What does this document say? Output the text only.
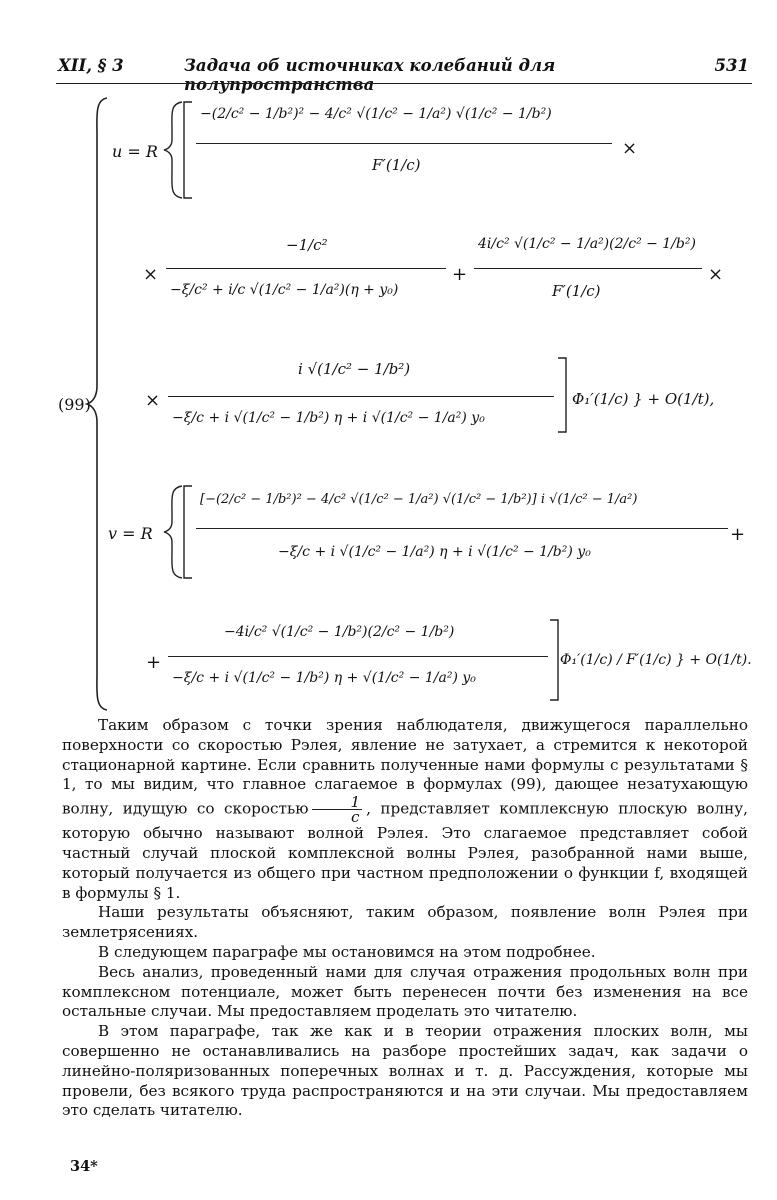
XII, § 3	Задача об источниках колебаний для полупространства
531
(99)
u = R
−(2/c² − 1/b²)² − 4/c² √(1/c² − 1/a²) √(1/c² − 1/b²)
F′(1/c)
×
×
−1/c²
−ξ/c² + i/c √(1/c² − 1/a²)(η + y₀)
+
4i/c² √(1/c² − 1/a²)(2/c² − 1/b²)
F′(1/c)
×
×
i √(1/c² − 1/b²)
−ξ/c + i √(1/c² − 1/b²) η + i √(1/c² − 1/a²) y₀
Φ₁′(1/c) } + O(1/t),
v = R
[−(2/c² − 1/b²)² − 4/c² √(1/c² − 1/a²) √(1/c² − 1/b²)] i √(1/c² − 1/a²)
−ξ/c + i √(1/c² − 1/a²) η + i √(1/c² − 1/b²) y₀
+
+
−4i/c² √(1/c² − 1/b²)(2/c² − 1/b²)
−ξ/c + i √(1/c² − 1/b²) η + √(1/c² − 1/a²) y₀
Φ₁′(1/c) / F′(1/c) } + O(1/t).

Таким образом с точки зрения наблюдателя, движущегося параллельно поверхности со скоростью Рэлея, явление не затухает, а стремится к некоторой стационарной картине. Если сравнить полученные нами формулы с результатами § 1, то мы видим, что главное слагаемое в формулах (99), дающее незатухающую волну, идущую со скоростью $\frac{1}{c}$ , представляет комплексную плоскую волну, которую обычно называют волной Рэлея. Это слагаемое представляет собой частный случай плоской комплексной волны Рэлея, разобранной нами выше, который получается из общего при частном предположении о функции f, входящей в формулы § 1.

Наши результаты объясняют, таким образом, появление волн Рэлея при землетрясениях.

В следующем параграфе мы остановимся на этом подробнее.

Весь анализ, проведенный нами для случая отражения продольных волн при комплексном потенциале, может быть перенесен почти без изменения на все остальные случаи. Мы предоставляем проделать это читателю.

В этом параграфе, так же как и в теории отражения плоских волн, мы совершенно не останавливались на разборе простейших задач, как задачи о линейно-поляризованных поперечных волнах и т. д. Рассуждения, которые мы провели, без всякого труда распространяются и на эти случаи. Мы предоставляем это сделать читателю.

34*
